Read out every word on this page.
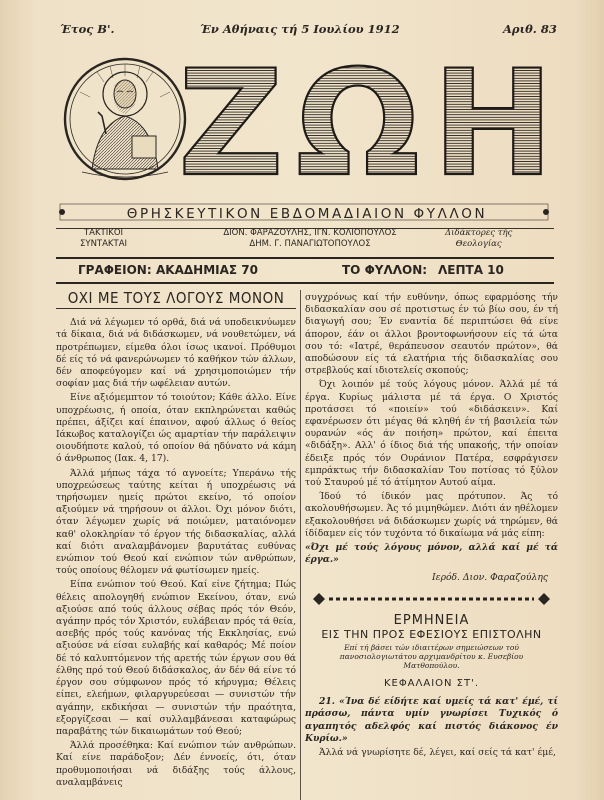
Έτος Β'.	Έν Αθήναις τή 5 Ιουλίου 1912	Αριθ. 83
ΖΩΗ
ΘΡΗΣΚΕΥΤΙΚΟΝ ΕΒΔΟΜΑΔΙΑΙΟΝ ΦΥΛΛΟΝ
ΤΑΚΤΙΚΟΙ
ΣΥΝΤΑΚΤΑΙ
ΔΙΟΝ. ΦΑΡΑΖΟΥΛΗΣ, ΙΓΝ. ΚΟΛΙΟΠΟΥΛΟΣ
ΔΗΜ. Γ. ΠΑΝΑΓΙΩΤΟΠΟΥΛΟΣ
Διδάκτορες τής
Θεολογίας
ΓΡΑΦΕΙΟΝ: ΑΚΑΔΗΜΙΑΣ 70	ΤΟ ΦΥΛΛΟΝ: ΛΕΠΤΑ 10
ΟΧΙ ΜΕ ΤΟΥΣ ΛΟΓΟΥΣ ΜΟΝΟΝ

Διά νά λέγωμεν τό ορθά, διά νά υποδεικνύωμεν τά δίκαια, διά νά διδάσκωμεν, νά νουθετώμεν, νά προτρέπωμεν, είμεθα όλοι ίσως ικανοί. Πρόθυμοι δέ είς τό νά φανερώνωμεν τό καθήκον τών άλλων, δέν αποφεύγομεν καί νά χρησιμοποιώμεν τήν σοφίαν μας διά τήν ωφέλειαν αυτών.

Είνε αξιόμεμπτον τό τοιούτον; Κάθε άλλο. Είνε υποχρέωσις, ή οποία, όταν εκπληρώνεται καθώς πρέπει, άξίζει καί έπαινον, αφού άλλως ό θείος Ιάκωβος καταλογίζει ώς αμαρτίαν τήν παράλειψιν οιουδήποτε καλού, τό οποίον θά ηδύνατο νά κάμη ό άνθρωπος (Ιακ. 4, 17).

Άλλά μήπως τάχα τό αγνοείτε; Υπεράνω τής υποχρεώσεως ταύτης κείται ή υποχρέωσις νά τηρήσωμεν ημείς πρώτοι εκείνο, τό οποίον αξιούμεν νά τηρήσουν οι άλλοι. Όχι μόνον διότι, όταν λέγωμεν χωρίς νά ποιώμεν, ματαιόνομεν καθ' ολοκληρίαν τό έργον τής διδασκαλίας, αλλά καί διότι αναλαμβάνομεν βαρυτάτας ευθύνας ενώπιον τού Θεού καί ενώπιον τών ανθρώπων, τούς οποίους θέλομεν νά φωτίσωμεν ημείς.

Είπα ενώπιον τού Θεού. Καί είνε ζήτημα; Πώς θέλεις απολογηθή ενώπιον Εκείνου, όταν, ενώ αξιούσε από τούς άλλους σέβας πρός τόν Θεόν, αγάπην πρός τόν Χριστόν, ευλάβειαν πρός τά θεία, ασεβής πρός τούς κανόνας τής Εκκλησίας, ενώ αξιούσε νά είσαι ευλαβής καί καθαρός; Μέ ποίον δέ τό καλυπτόμενον τής αρετής τών έργων σου θά έλθης πρό τού Θεού διδάσκαλος, άν δέν θά είνε τό έργον σου σύμφωνον πρός τό κήρυγμα; Θέλεις είπει, ελεήμων, φιλαργυρεύεσαι — συνιστών τήν αγάπην, εκδικήσαι — συνιστών τήν πραότητα, εξοργίζεσαι — καί συλλαμβάνεσαι καταφώρως παραβάτης τών δικαιωμάτων τού Θεού;

Άλλά προσέθηκα: Καί ενώπιον τών ανθρώπων. Καί είνε παράδοξον; Δέν έννοείς, ότι, όταν προθυμοποιήσαι νά διδάξης τούς άλλους, αναλαμβάνεις

συγχρόνως καί τήν ευθύνην, όπως εφαρμόσης τήν διδασκαλίαν σου σέ προτιστως έν τώ βίω σου, έν τή διαγωγή σου; Έν εναντία δέ περιπτώσει θά είνε άπορον, έάν οι άλλοι βροντοφωνήσουν είς τά ώτα σου τό: «Ιατρέ, θεράπευσον σεαυτόν πρώτον», θά αποδώσουν είς τά ελατήρια τής διδασκαλίας σου στρεβλούς καί ιδιοτελείς σκοπούς;

Όχι λοιπόν μέ τούς λόγους μόνον. Άλλά μέ τά έργα. Κυρίως μάλιστα μέ τά έργα. Ο Χριστός προτάσσει τό «ποιείν» τού «διδάσκειν». Καί εφανέρωσεν ότι μέγας θά κληθή έν τή βασιλεία τών ουρανών «ός άν ποιήση» πρώτον, καί έπειτα «διδάξη». Αλλ' ό ίδιος διά τής υπακοής, τήν οποίαν έδειξε πρός τόν Ουράνιον Πατέρα, εσφράγισεν εμπράκτως τήν διδασκαλίαν Του ποτίσας τό ξύλον τού Σταυρού μέ τό άτίμητον Αυτού αίμα.

Ίδού τό ίδικόν μας πρότυπον. Άς τό ακολουθήσωμεν. Άς τό μιμηθώμεν. Διότι άν ηθέλομεν εξακολουθήσει νά διδάσκωμεν χωρίς νά τηρώμεν, θά ίδίδαμεν είς τόν τυχόντα τό δικαίωμα νά μάς είπη:

«Όχι μέ τούς λόγους μόνον, αλλά καί μέ τά έργα.»

Ιερόδ. Διον. Φαραζούλης

ΕΡΜΗΝΕΙΑ
ΕΙΣ ΤΗΝ ΠΡΟΣ ΕΦΕΣΙΟΥΣ ΕΠΙΣΤΟΛΗΝ
Επί τή βάσει τών ιδιαιτέρων σημειώσεων τού πανοσιολογιωτάτου αρχιμανδρίτου κ. Ευσεβίου Ματθοπούλου.
ΚΕΦΑΛΑΙΟΝ ΣΤ'.

21. «Ίνα δέ είδήτε καί υμείς τά κατ' έμέ, τί πράσσω, πάντα υμίν γνωρίσει Τυχικός ό αγαπητός αδελφός καί πιστός διάκονος έν Κυρίω.»

Άλλά νά γνωρίσητε δέ, λέγει, καί σείς τά κατ' έμέ,
